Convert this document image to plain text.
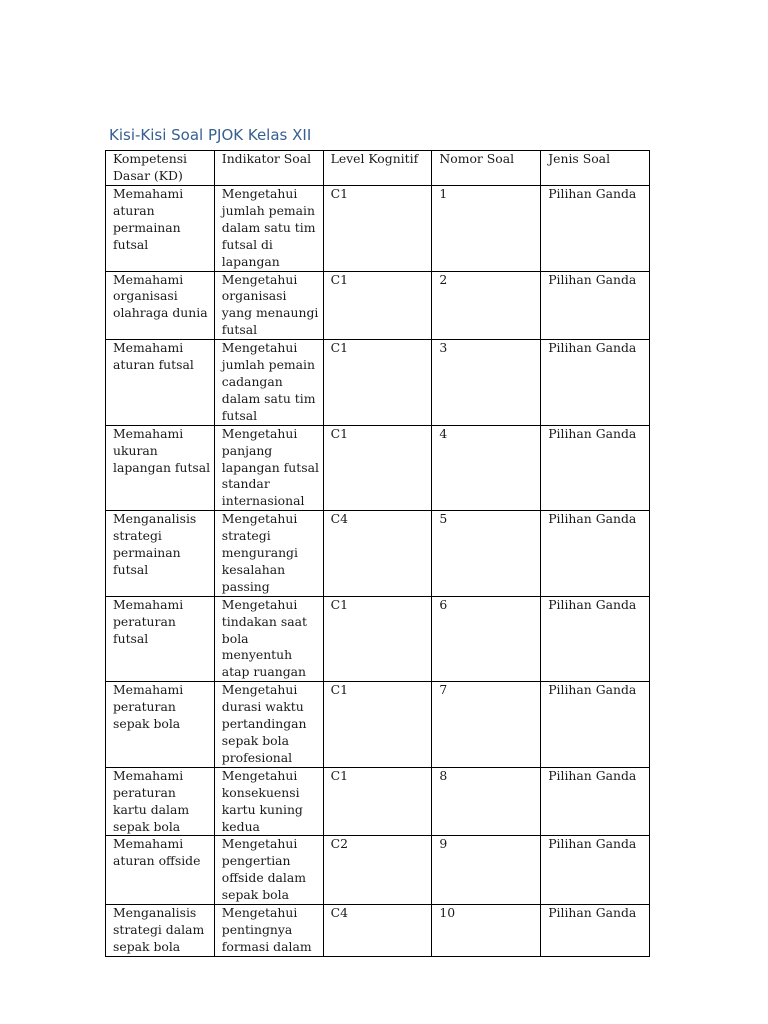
Kisi-Kisi Soal PJOK Kelas XII
Kompetensi Dasar (KD)	Indikator Soal	Level Kognitif	Nomor Soal	Jenis Soal
Memahami aturan permainan futsal	Mengetahui jumlah pemain dalam satu tim futsal di lapangan	C1	1	Pilihan Ganda
Memahami organisasi olahraga dunia	Mengetahui organisasi yang menaungi futsal	C1	2	Pilihan Ganda
Memahami aturan futsal	Mengetahui jumlah pemain cadangan dalam satu tim futsal	C1	3	Pilihan Ganda
Memahami ukuran lapangan futsal	Mengetahui panjang lapangan futsal standar internasional	C1	4	Pilihan Ganda
Menganalisis strategi permainan futsal	Mengetahui strategi mengurangi kesalahan passing	C4	5	Pilihan Ganda
Memahami peraturan futsal	Mengetahui tindakan saat bola menyentuh atap ruangan	C1	6	Pilihan Ganda
Memahami peraturan sepak bola	Mengetahui durasi waktu pertandingan sepak bola profesional	C1	7	Pilihan Ganda
Memahami peraturan kartu dalam sepak bola	Mengetahui konsekuensi kartu kuning kedua	C1	8	Pilihan Ganda
Memahami aturan offside	Mengetahui pengertian offside dalam sepak bola	C2	9	Pilihan Ganda
Menganalisis strategi dalam sepak bola	Mengetahui pentingnya formasi dalam	C4	10	Pilihan Ganda
